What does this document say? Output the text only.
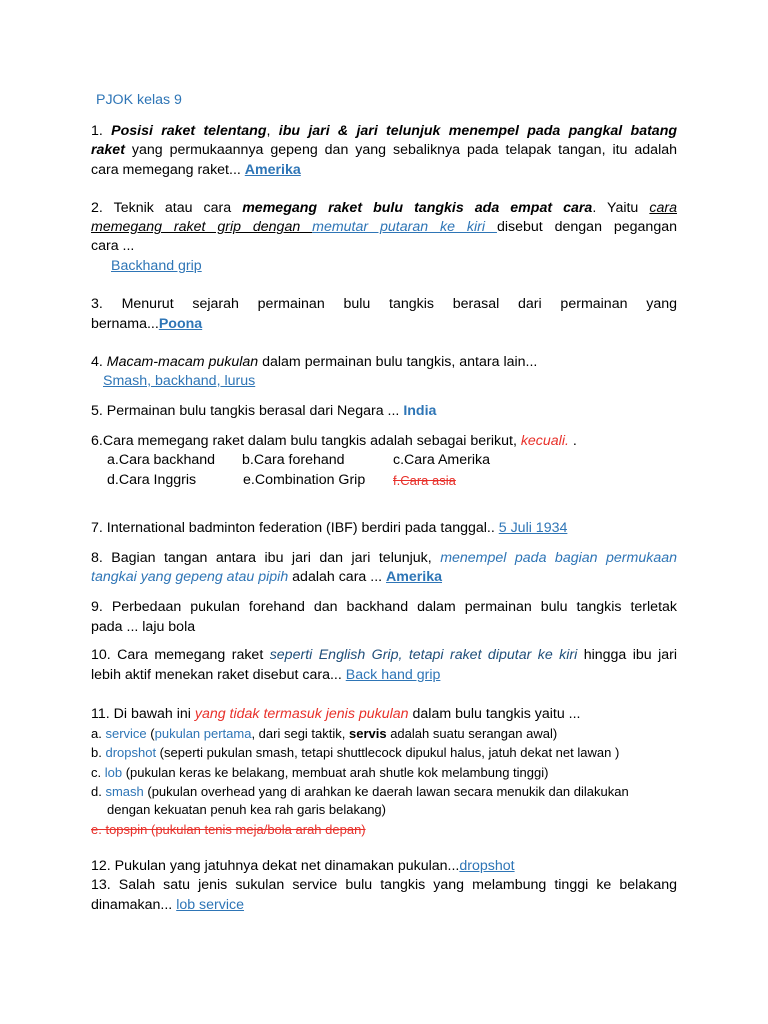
PJOK kelas 9
1. Posisi raket telentang, ibu jari & jari telunjuk menempel pada pangkal batang
raket yang permukaannya gepeng dan yang sebaliknya pada telapak tangan, itu adalah
cara memegang raket... Amerika
2. Teknik atau cara memegang raket bulu tangkis ada empat cara. Yaitu cara
memegang raket grip dengan memutar putaran ke kiri disebut dengan pegangan
cara ...
Backhand grip
3. Menurut sejarah permainan bulu tangkis berasal dari permainan yang
bernama...Poona
4. Macam-macam pukulan dalam permainan bulu tangkis, antara lain...
Smash, backhand, lurus
5. Permainan bulu tangkis berasal dari Negara ... India
6.Cara memegang raket dalam bulu tangkis adalah sebagai berikut, kecuali. .
a.Cara backhand b.Cara forehand	c.Cara Amerika
d.Cara Inggris	e.Combination Grip f.Cara asia
7. International badminton federation (IBF) berdiri pada tanggal.. 5 Juli 1934
8. Bagian tangan antara ibu jari dan jari telunjuk, menempel pada bagian permukaan
tangkai yang gepeng atau pipih adalah cara ... Amerika
9. Perbedaan pukulan forehand dan backhand dalam permainan bulu tangkis terletak
pada ... laju bola
10. Cara memegang raket seperti English Grip, tetapi raket diputar ke kiri hingga ibu jari
lebih aktif menekan raket disebut cara... Back hand grip
11. Di bawah ini yang tidak termasuk jenis pukulan dalam bulu tangkis yaitu ...
a. service (pukulan pertama, dari segi taktik, servis adalah suatu serangan awal)
b. dropshot (seperti pukulan smash, tetapi shuttlecock dipukul halus, jatuh dekat net lawan )
c. lob (pukulan keras ke belakang, membuat arah shutle kok melambung tinggi)
d. smash (pukulan overhead yang di arahkan ke daerah lawan secara menukik dan dilakukan
dengan kekuatan penuh kea rah garis belakang)
e. topspin (pukulan tenis meja/bola arah depan)
12. Pukulan yang jatuhnya dekat net dinamakan pukulan...dropshot
13. Salah satu jenis sukulan service bulu tangkis yang melambung tinggi ke belakang
dinamakan... lob service
